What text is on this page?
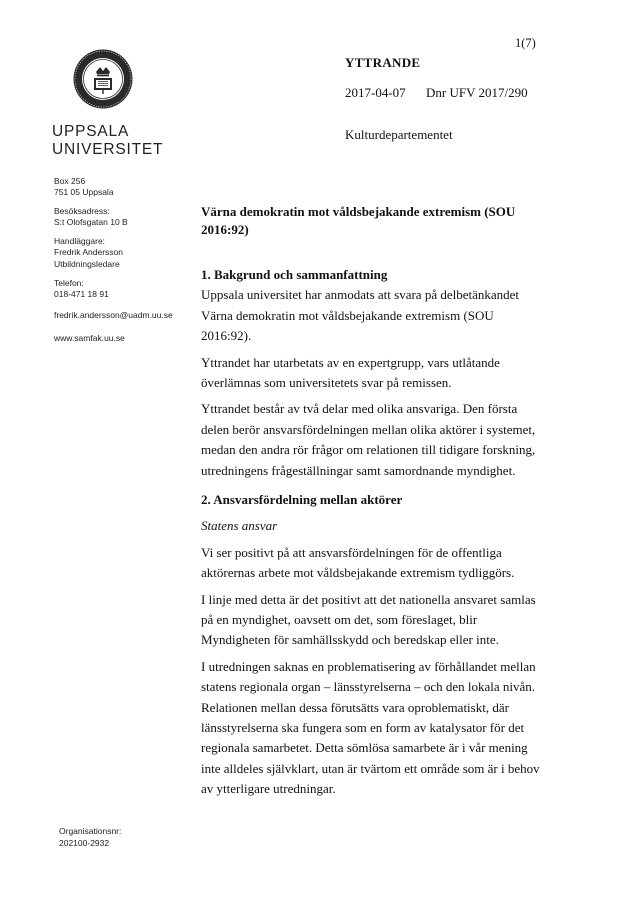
1(7)
YTTRANDE
2017-04-07 Dnr UFV 2017/290
Kulturdepartementet
UPPSALA
UNIVERSITET
Box 256
751 05 Uppsala
Besöksadress:
S:t Olofsgatan 10 B
Handläggare:
Fredrik Andersson
Utbildningsledare
Telefon:
018-471 18 91
fredrik.andersson@uadm.uu.se
www.samfak.uu.se
Värna demokratin mot våldsbejakande extremism (SOU 2016:92)

1. Bakgrund och sammanfattning

Uppsala universitet har anmodats att svara på delbetänkandet Värna demokratin mot våldsbejakande extremism (SOU 2016:92).

Yttrandet har utarbetats av en expertgrupp, vars utlåtande överlämnas som universitetets svar på remissen.

Yttrandet består av två delar med olika ansvariga. Den första delen berör ansvarsfördelningen mellan olika aktörer i systemet, medan den andra rör frågor om relationen till tidigare forskning, utredningens frågeställningar samt samordnande myndighet.

2. Ansvarsfördelning mellan aktörer

Statens ansvar

Vi ser positivt på att ansvarsfördelningen för de offentliga aktörernas arbete mot våldsbejakande extremism tydliggörs.

I linje med detta är det positivt att det nationella ansvaret samlas på en myndighet, oavsett om det, som föreslaget, blir Myndigheten för samhällsskydd och beredskap eller inte.

I utredningen saknas en problematisering av förhållandet mellan statens regionala organ – länsstyrelserna – och den lokala nivån. Relationen mellan dessa förutsätts vara oproblematiskt, där länsstyrelserna ska fungera som en form av katalysator för det regionala samarbetet. Detta sömlösa samarbete är i vår mening inte alldeles självklart, utan är tvärtom ett område som är i behov av ytterligare utredningar.

Organisationsnr:
202100-2932
